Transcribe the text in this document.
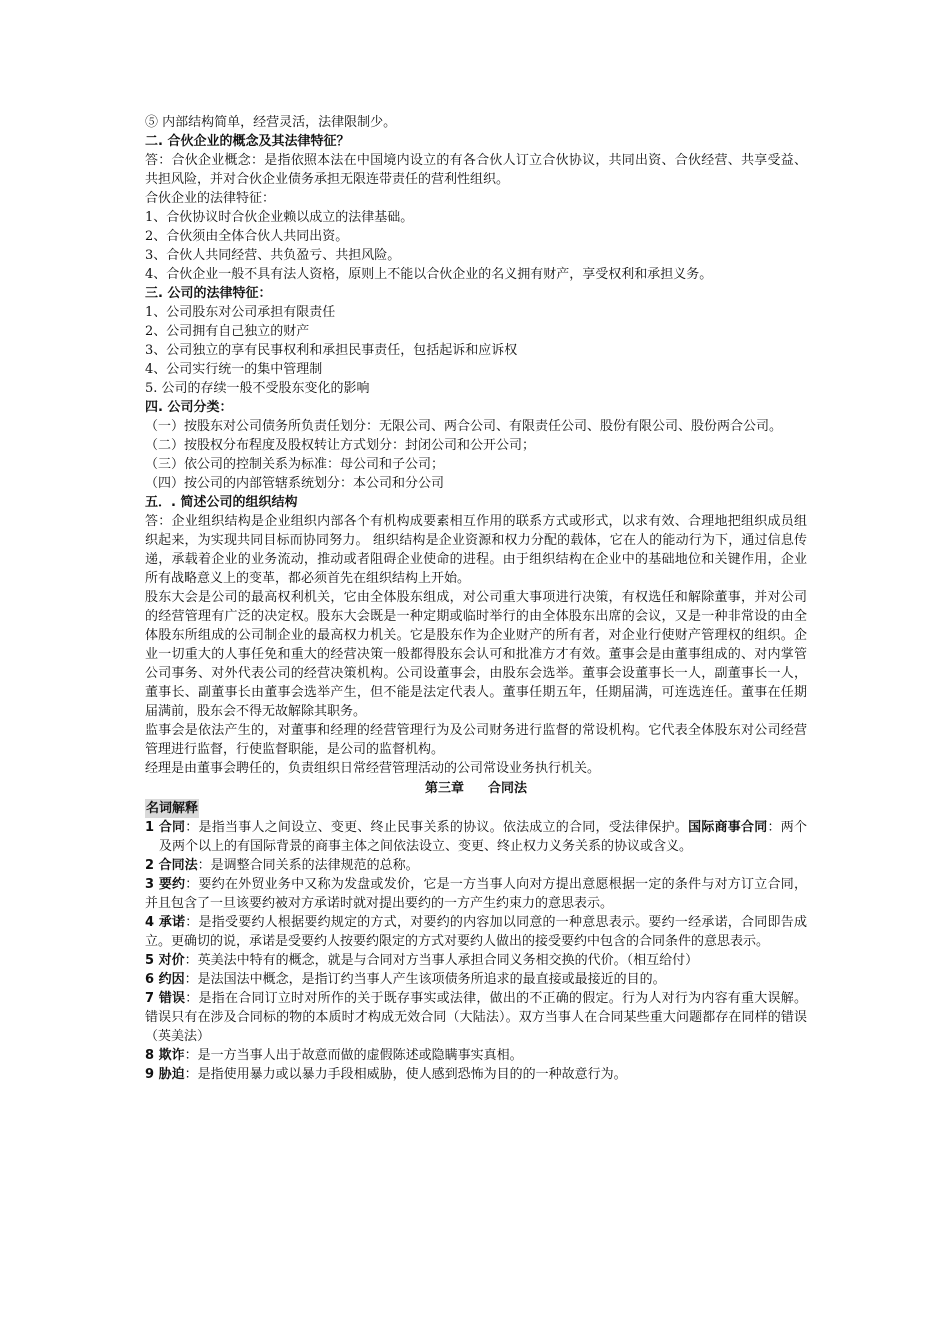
⑤ 内部结构简单，经营灵活，法律限制少。

二. 合伙企业的概念及其法律特征？

答：合伙企业概念：是指依照本法在中国境内设立的有各合伙人订立合伙协议，共同出资、合伙经营、共享受益、共担风险，并对合伙企业债务承担无限连带责任的营利性组织。

合伙企业的法律特征：

1、合伙协议时合伙企业赖以成立的法律基础。

2、合伙须由全体合伙人共同出资。

3、合伙人共同经营、共负盈亏、共担风险。

4、合伙企业一般不具有法人资格，原则上不能以合伙企业的名义拥有财产，享受权利和承担义务。

三. 公司的法律特征：

1、公司股东对公司承担有限责任

2、公司拥有自己独立的财产

3、公司独立的享有民事权利和承担民事责任，包括起诉和应诉权

4、公司实行统一的集中管理制

5. 公司的存续一般不受股东变化的影响

四. 公司分类：

（一）按股东对公司债务所负责任划分：无限公司、两合公司、有限责任公司、股份有限公司、股份两合公司。

（二）按股权分布程度及股权转让方式划分：封闭公司和公开公司；

（三）依公司的控制关系为标准：母公司和子公司；

（四）按公司的内部管辖系统划分：本公司和分公司

五．. 简述公司的组织结构

答：企业组织结构是企业组织内部各个有机构成要素相互作用的联系方式或形式，以求有效、合理地把组织成员组织起来，为实现共同目标而协同努力。 组织结构是企业资源和权力分配的载体，它在人的能动行为下，通过信息传递，承载着企业的业务流动，推动或者阻碍企业使命的进程。由于组织结构在企业中的基础地位和关键作用，企业所有战略意义上的变革，都必须首先在组织结构上开始。

股东大会是公司的最高权利机关，它由全体股东组成，对公司重大事项进行决策，有权选任和解除董事，并对公司的经营管理有广泛的决定权。股东大会既是一种定期或临时举行的由全体股东出席的会议，又是一种非常设的由全体股东所组成的公司制企业的最高权力机关。它是股东作为企业财产的所有者，对企业行使财产管理权的组织。企业一切重大的人事任免和重大的经营决策一般都得股东会认可和批准方才有效。董事会是由董事组成的、对内掌管公司事务、对外代表公司的经营决策机构。公司设董事会，由股东会选举。董事会设董事长一人，副董事长一人，董事长、副董事长由董事会选举产生，但不能是法定代表人。董事任期五年，任期届满，可连选连任。董事在任期届满前，股东会不得无故解除其职务。

监事会是依法产生的，对董事和经理的经营管理行为及公司财务进行监督的常设机构。它代表全体股东对公司经营管理进行监督，行使监督职能，是公司的监督机构。

经理是由董事会聘任的，负责组织日常经营管理活动的公司常设业务执行机关。

第三章 合同法

名词解释

1 合同：是指当事人之间设立、变更、终止民事关系的协议。依法成立的合同，受法律保护。国际商事合同：两个及两个以上的有国际背景的商事主体之间依法设立、变更、终止权力义务关系的协议或含义。

2 合同法：是调整合同关系的法律规范的总称。

3 要约：要约在外贸业务中又称为发盘或发价，它是一方当事人向对方提出意愿根据一定的条件与对方订立合同，并且包含了一旦该要约被对方承诺时就对提出要约的一方产生约束力的意思表示。

4 承诺：是指受要约人根据要约规定的方式，对要约的内容加以同意的一种意思表示。要约一经承诺，合同即告成立。更确切的说，承诺是受要约人按要约限定的方式对要约人做出的接受要约中包含的合同条件的意思表示。

5 对价：英美法中特有的概念，就是与合同对方当事人承担合同义务相交换的代价。（相互给付）

6 约因：是法国法中概念，是指订约当事人产生该项债务所追求的最直接或最接近的目的。

7 错误：是指在合同订立时对所作的关于既存事实或法律，做出的不正确的假定。行为人对行为内容有重大误解。错误只有在涉及合同标的物的本质时才构成无效合同（大陆法）。双方当事人在合同某些重大问题都存在同样的错误（英美法）

8 欺诈：是一方当事人出于故意而做的虚假陈述或隐瞒事实真相。

9 胁迫：是指使用暴力或以暴力手段相威胁，使人感到恐怖为目的的一种故意行为。
